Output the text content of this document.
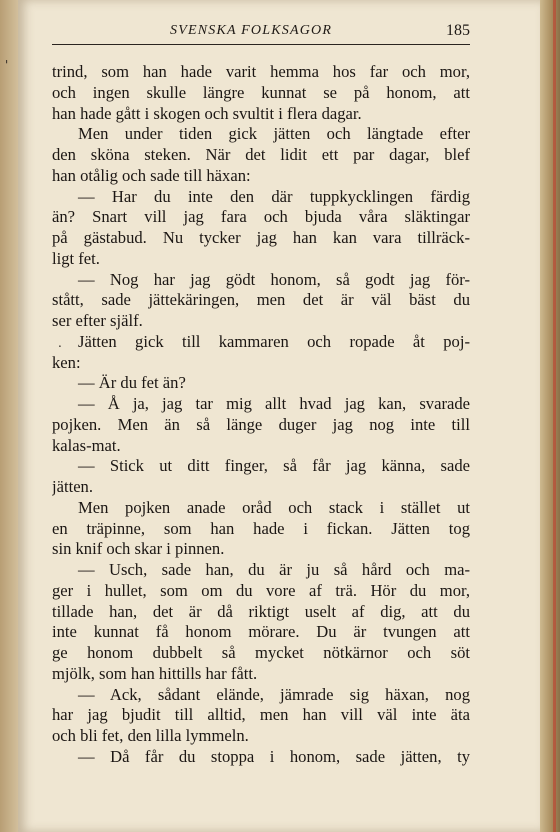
SVENSKA FOLKSAGOR	185
trind, som han hade varit hemma hos far och mor,
och ingen skulle längre kunnat se på honom, att
han hade gått i skogen och svultit i flera dagar.
Men under tiden gick jätten och längtade efter
den sköna steken. När det lidit ett par dagar, blef
han otålig och sade till häxan:
— Har du inte den där tuppkycklingen färdig
än? Snart vill jag fara och bjuda våra släktingar
på gästabud. Nu tycker jag han kan vara tillräck-
ligt fet.
— Nog har jag gödt honom, så godt jag för-
stått, sade jättekäringen, men det är väl bäst du
ser efter själf.
Jätten gick till kammaren och ropade åt poj-
ken:
— Är du fet än?
— Å ja, jag tar mig allt hvad jag kan, svarade
pojken. Men än så länge duger jag nog inte till
kalas-mat.
— Stick ut ditt finger, så får jag känna, sade
jätten.
Men pojken anade oråd och stack i stället ut
en träpinne, som han hade i fickan. Jätten tog
sin knif och skar i pinnen.
— Usch, sade han, du är ju så hård och ma-
ger i hullet, som om du vore af trä. Hör du mor,
tillade han, det är då riktigt uselt af dig, att du
inte kunnat få honom mörare. Du är tvungen att
ge honom dubbelt så mycket nötkärnor och söt
mjölk, som han hittills har fått.
— Ack, sådant elände, jämrade sig häxan, nog
har jag bjudit till alltid, men han vill väl inte äta
och bli fet, den lilla lymmeln.
— Då får du stoppa i honom, sade jätten, ty
'
.
